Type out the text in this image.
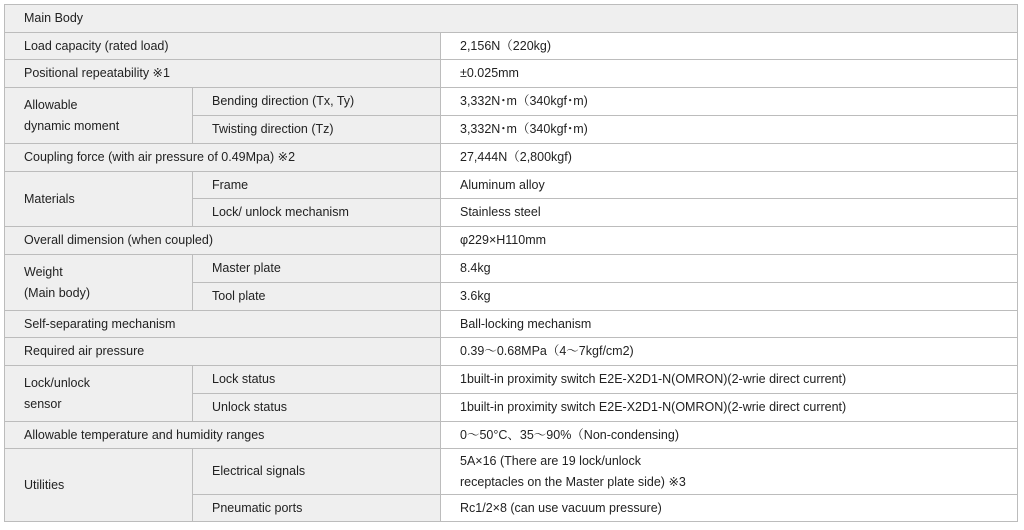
Main Body		
Load capacity (rated load)		2,156N（220kg)
Positional repeatability ※1		±0.025mm

Allowable
dynamic moment	Bending direction (Tx, Ty)	3,332N･m（340kgf･m)
	Twisting direction (Tz)	3,332N･m（340kgf･m)
Coupling force (with air pressure of 0.49Mpa) ※2		27,444N（2,800kgf)
Materials	Frame	Aluminum alloy
	Lock/ unlock mechanism	Stainless steel
Overall dimension (when coupled)		φ229×H110mm

Weight
(Main body)	Master plate	8.4kg
	Tool plate	3.6kg
Self-separating mechanism		Ball-locking mechanism
Required air pressure		0.39～0.68MPa（4～7kgf/cm2)

Lock/unlock
sensor	Lock status	1built-in proximity switch E2E-X2D1-N(OMRON)(2-wrie direct current)
	Unlock status	1built-in proximity switch E2E-X2D1-N(OMRON)(2-wrie direct current)
Allowable temperature and humidity ranges		0～50°C、35～90%（Non-condensing)
Utilities	Electrical signals	5A×16 (There are 19 lock/unlock
receptacles on the Master plate side) ※3

	Pneumatic ports	Rc1/2×8 (can use vacuum pressure)
